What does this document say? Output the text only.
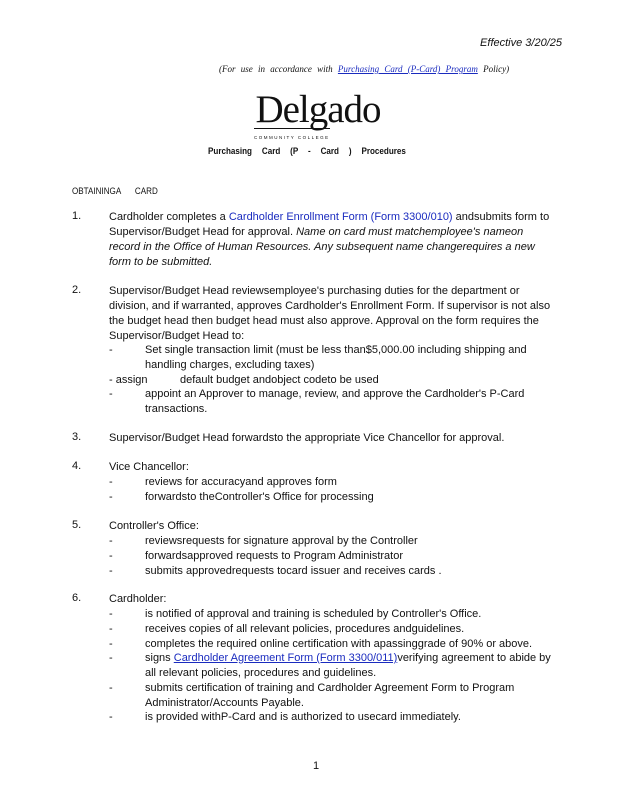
Effective 3/20/25
(For use in accordance with Purchasing Card (P-Card) Program Policy)
Delgado
COMMUNITY COLLEGE
Purchasing Card (P - Card ) Procedures
OBTAININGA CARD
1.	Cardholder completes a Cardholder Enrollment Form (Form 3300/010) andsubmits form to Supervisor/Budget Head for approval. Name on card must matchemployee's nameon record in the Office of Human Resources. Any subsequent name changerequires a new form to be submitted.
2.	Supervisor/Budget Head reviewsemployee's purchasing duties for the department or division, and if warranted, approves Cardholder's Enrollment Form. If supervisor is not also the budget head then budget head must also approve. Approval on the form requires the Supervisor/Budget Head to:
-	Set single transaction limit (must be less than$5,000.00 including shipping and handling charges, excluding taxes)
- assign	default budget andobject codeto be used
-	appoint an Approver to manage, review, and approve the Cardholder's P-Card transactions.
3.	Supervisor/Budget Head forwardsto the appropriate Vice Chancellor for approval.
4.	Vice Chancellor:
-	reviews for accuracyand approves form
-	forwardsto theController's Office for processing
5.	Controller's Office:
-	reviewsrequests for signature approval by the Controller
-	forwardsapproved requests to Program Administrator
-	submits approvedrequests tocard issuer and receives cards .
6.	Cardholder:
-	is notified of approval and training is scheduled by Controller's Office.
-	receives copies of all relevant policies, procedures andguidelines.
-	completes the required online certification with apassinggrade of 90% or above.
-	signs Cardholder Agreement Form (Form 3300/011)verifying agreement to abide by all relevant policies, procedures and guidelines.
-	submits certification of training and Cardholder Agreement Form to Program Administrator/Accounts Payable.
-	is provided withP-Card and is authorized to usecard immediately.
1
